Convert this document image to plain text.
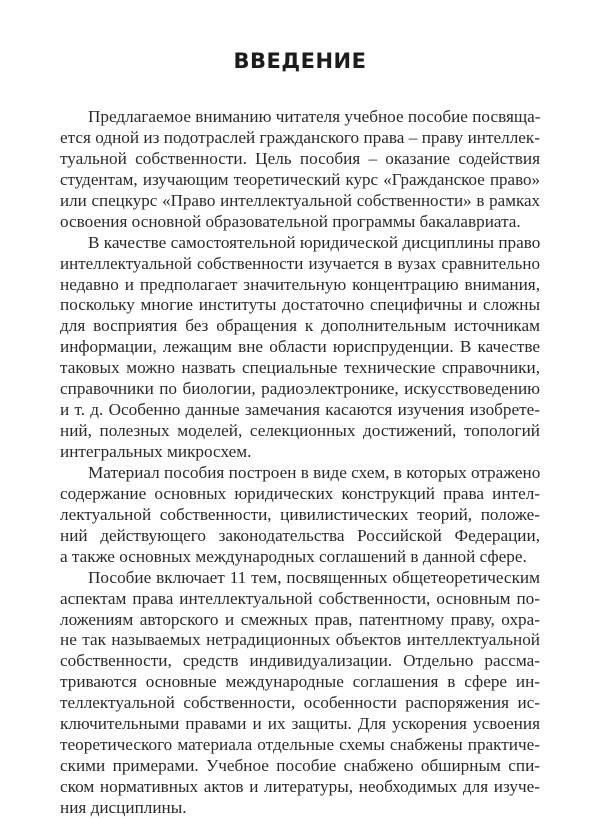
ВВЕДЕНИЕ
Предлагаемое вниманию читателя учебное пособие посвяща-
ется одной из подотраслей гражданского права – праву интеллек-
туальной собственности. Цель пособия – оказание содействия
студентам, изучающим теоретический курс «Гражданское право»
или спецкурс «Право интеллектуальной собственности» в рамках
освоения основной образовательной программы бакалавриата.
В качестве самостоятельной юридической дисциплины право
интеллектуальной собственности изучается в вузах сравнительно
недавно и предполагает значительную концентрацию внимания,
поскольку многие институты достаточно специфичны и сложны
для восприятия без обращения к дополнительным источникам
информации, лежащим вне области юриспруденции. В качестве
таковых можно назвать специальные технические справочники,
справочники по биологии, радиоэлектронике, искусствоведению
и т. д. Особенно данные замечания касаются изучения изобрете-
ний, полезных моделей, селекционных достижений, топологий
интегральных микросхем.
Материал пособия построен в виде схем, в которых отражено
содержание основных юридических конструкций права интел-
лектуальной собственности, цивилистических теорий, положе-
ний действующего законодательства Российской Федерации,
а также основных международных соглашений в данной сфере.
Пособие включает 11 тем, посвященных общетеоретическим
аспектам права интеллектуальной собственности, основным по-
ложениям авторского и смежных прав, патентному праву, охра-
не так называемых нетрадиционных объектов интеллектуальной
собственности, средств индивидуализации. Отдельно рассма-
триваются основные международные соглашения в сфере ин-
теллектуальной собственности, особенности распоряжения ис-
ключительными правами и их защиты. Для ускорения усвоения
теоретического материала отдельные схемы снабжены практиче-
скими примерами. Учебное пособие снабжено обширным спи-
ском нормативных актов и литературы, необходимых для изуче-
ния дисциплины.
